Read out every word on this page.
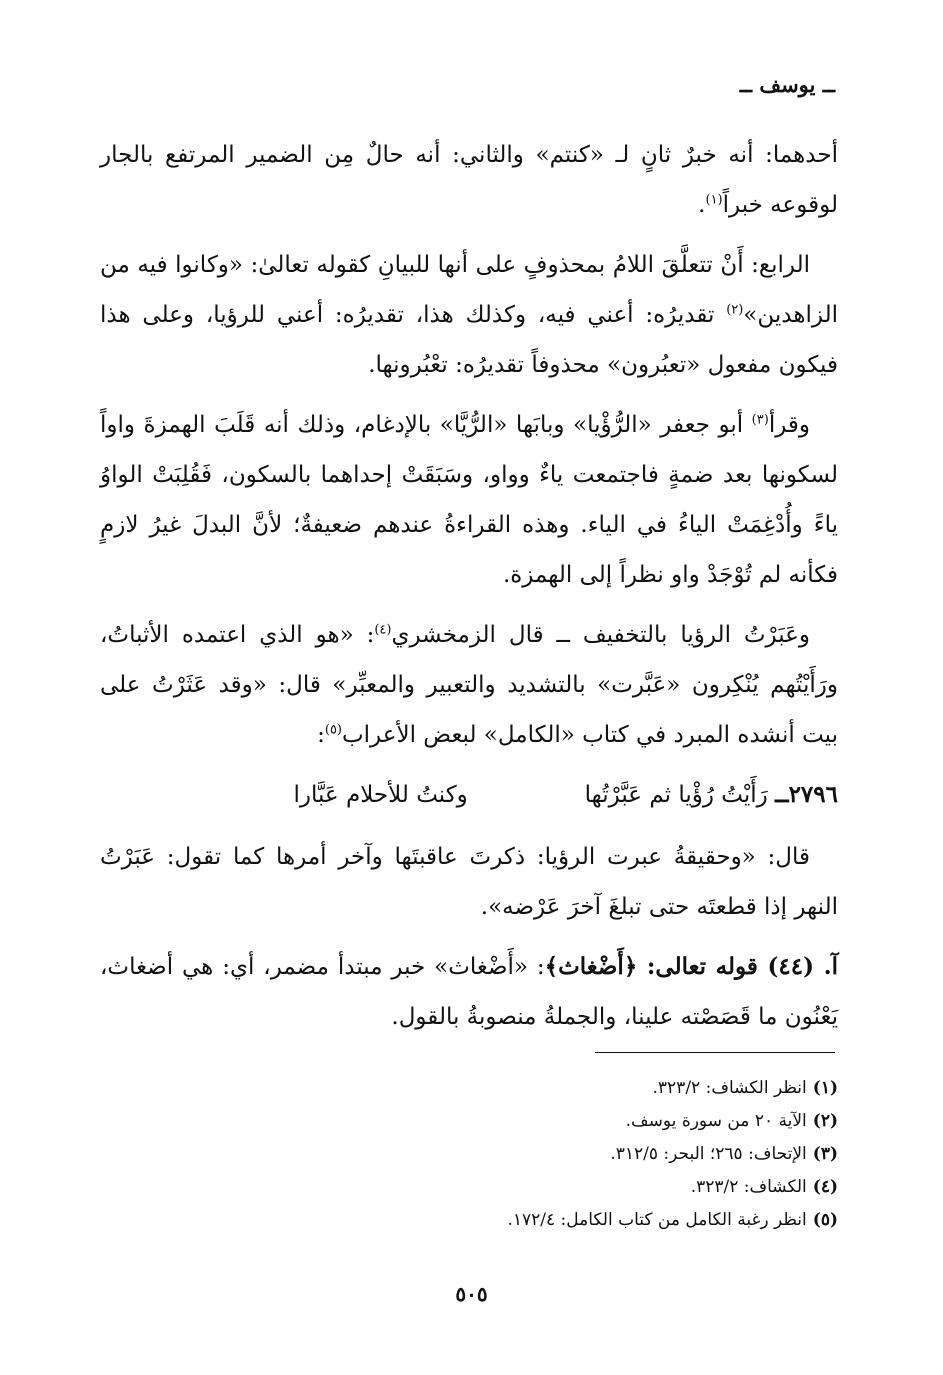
ــ يوسف ــ

أحدهما: أنه خبرٌ ثانٍ لـ «كنتم» والثاني: أنه حالٌ مِن الضمير المرتفع بالجار لوقوعه خبراً$^{(١)}$.

الرابع: أَنْ تتعلَّقَ اللامُ بمحذوفٍ على أنها للبيانِ كقوله تعالىٰ: «وكانوا فيه من الزاهدين»$^{(٢)}$ تقديرُه: أعني فيه، وكذلك هذا، تقديرُه: أعني للرؤيا، وعلى هذا فيكون مفعول «تعبُرون» محذوفاً تقديرُه: تعْبُرونها.

وقرأ$^{(٣)}$ أبو جعفر «الرُّؤْيا» وبابَها «الرُّيَّا» بالإدغام، وذلك أنه قَلَبَ الهمزةَ واواً لسكونها بعد ضمةٍ فاجتمعت ياءٌ وواو، وسَبَقَتْ إحداهما بالسكون، فَقُلِبَتْ الواوُ ياءً وأُدْغِمَتْ الياءُ في الياء. وهذه القراءةُ عندهم ضعيفةٌ؛ لأنَّ البدلَ غيرُ لازمٍ فكأنه لم تُوْجَدْ واو نظراً إلى الهمزة.

وعَبَرْتُ الرؤيا بالتخفيف ــ قال الزمخشري$^{(٤)}$: «هو الذي اعتمده الأثباتُ، ورَأَيْتُهم يُنْكِرون «عَبَّرت» بالتشديد والتعبير والمعبِّر» قال: «وقد عَثَرْتُ على بيت أنشده المبرد في كتاب «الكامل» لبعض الأعراب$^{(٥)}$:

٢٧٩٦ــ رَأَيْتُ رُؤْيا ثم عَبَّرْتُهاوكنتُ للأحلام عَبَّارا

قال: «وحقيقةُ عبرت الرؤيا: ذكرتَ عاقبتَها وآخر أمرها كما تقول: عَبَرْتُ النهر إذا قطعتَه حتى تبلغَ آخرَ عَرْضه».

آ. (٤٤) قوله تعالى: ﴿أَضْغاث﴾: «أَضْغاث» خبر مبتدأ مضمر، أي: هي أضغاث، يَعْنُون ما قَصَصْته علينا، والجملةُ منصوبةُ بالقول.

(١)انظر الكشاف: ٣٢٣/٢.

(٢)الآية ٢٠ من سورة يوسف.

(٣)الإتحاف: ٢٦٥؛ البحر: ٣١٢/٥.

(٤)الكشاف: ٣٢٣/٢.

(٥)انظر رغبة الكامل من كتاب الكامل: ١٧٢/٤.

٥٠٥
